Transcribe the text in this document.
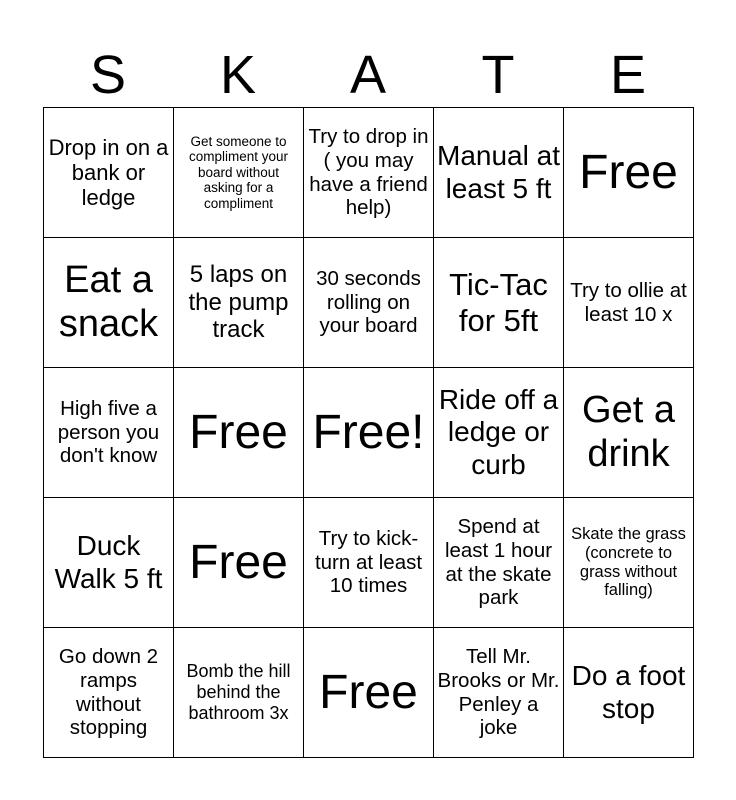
S	K	A	T	E
Drop in on a bank or ledge	Get someone to compliment your board without asking for a compliment	Try to drop in ( you may have a friend help)	Manual at least 5 ft	Free
Eat a snack	5 laps on the pump track	30 seconds rolling on your board	Tic-Tac for 5ft	Try to ollie at least 10 x
High five a person you don't know	Free	Free!	Ride off a ledge or curb	Get a drink
Duck Walk 5 ft	Free	Try to kick-turn at least 10 times	Spend at least 1 hour at the skate park	Skate the grass (concrete to grass without falling)
Go down 2 ramps without stopping	Bomb the hill behind the bathroom 3x	Free	Tell Mr. Brooks or Mr. Penley a joke	Do a foot stop
